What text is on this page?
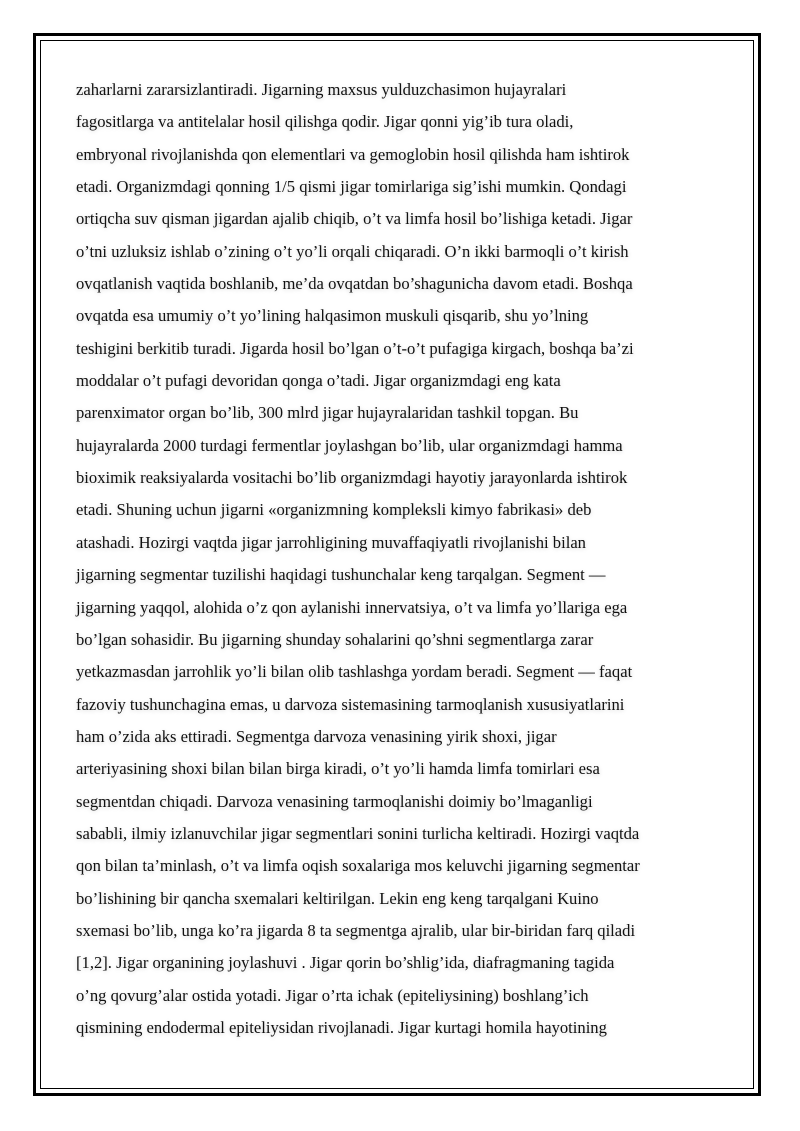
zaharlarni zararsizlantiradi. Jigarning maxsus yulduzchasimon hujayralari
fagositlarga va antitelalar hosil qilishga qodir. Jigar qonni yig’ib tura oladi,
embryonal rivojlanishda qon elementlari va gemoglobin hosil qilishda ham ishtirok
etadi. Organizmdagi qonning 1/5 qismi jigar tomirlariga sig’ishi mumkin. Qondagi
ortiqcha suv qisman jigardan ajalib chiqib, o’t va limfa hosil bo’lishiga ketadi. Jigar
o’tni uzluksiz ishlab o’zining o’t yo’li orqali chiqaradi. O’n ikki barmoqli o’t kirish
ovqatlanish vaqtida boshlanib, me’da ovqatdan bo’shagunicha davom etadi. Boshqa
ovqatda esa umumiy o’t yo’lining halqasimon muskuli qisqarib, shu yo’lning
teshigini berkitib turadi. Jigarda hosil bo’lgan o’t-o’t pufagiga kirgach, boshqa ba’zi
moddalar o’t pufagi devoridan qonga o’tadi. Jigar organizmdagi eng kata
parenximator organ bo’lib, 300 mlrd jigar hujayralaridan tashkil topgan. Bu
hujayralarda 2000 turdagi fermentlar joylashgan bo’lib, ular organizmdagi hamma
bioximik reaksiyalarda vositachi bo’lib organizmdagi hayotiy jarayonlarda ishtirok
etadi. Shuning uchun jigarni «organizmning kompleksli kimyo fabrikasi» deb
atashadi. Hozirgi vaqtda jigar jarrohligining muvaffaqiyatli rivojlanishi bilan
jigarning segmentar tuzilishi haqidagi tushunchalar keng tarqalgan. Segment —
jigarning yaqqol, alohida o’z qon aylanishi innervatsiya, o’t va limfa yo’llariga ega
bo’lgan sohasidir. Bu jigarning shunday sohalarini qo’shni segmentlarga zarar
yetkazmasdan jarrohlik yo’li bilan olib tashlashga yordam beradi. Segment — faqat
fazoviy tushunchagina emas, u darvoza sistemasining tarmoqlanish xususiyatlarini
ham o’zida aks ettiradi. Segmentga darvoza venasining yirik shoxi, jigar
arteriyasining shoxi bilan bilan birga kiradi, o’t yo’li hamda limfa tomirlari esa
segmentdan chiqadi. Darvoza venasining tarmoqlanishi doimiy bo’lmaganligi
sababli, ilmiy izlanuvchilar jigar segmentlari sonini turlicha keltiradi. Hozirgi vaqtda
qon bilan ta’minlash, o’t va limfa oqish soxalariga mos keluvchi jigarning segmentar
bo’lishining bir qancha sxemalari keltirilgan. Lekin eng keng tarqalgani Kuino
sxemasi bo’lib, unga ko’ra jigarda 8 ta segmentga ajralib, ular bir-biridan farq qiladi
[1,2]. Jigar organining joylashuvi . Jigar qorin bo’shlig’ida, diafragmaning tagida
o’ng qovurg’alar ostida yotadi. Jigar o’rta ichak (epiteliysining) boshlang’ich
qismining endodermal epiteliysidan rivojlanadi. Jigar kurtagi homila hayotining
